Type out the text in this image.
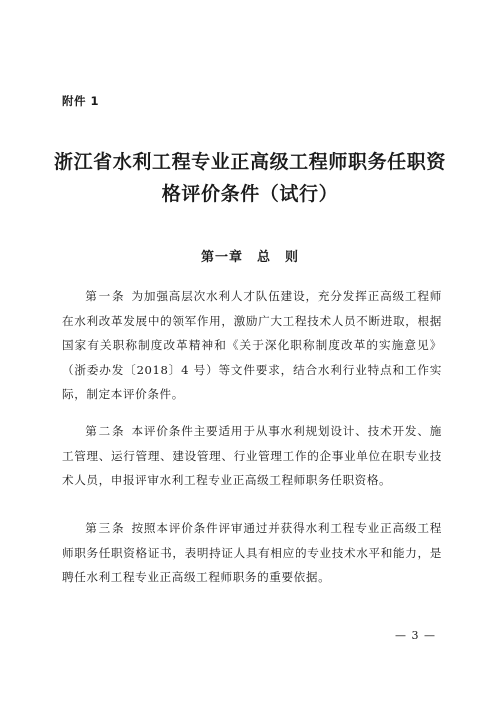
附件 1
浙江省水利工程专业正高级工程师职务任职资
格评价条件（试行）
第一章　总　则

第一条 为加强高层次水利人才队伍建设，充分发挥正高级工程师在水利改革发展中的领军作用，激励广大工程技术人员不断进取，根据国家有关职称制度改革精神和《关于深化职称制度改革的实施意见》（浙委办发〔2018〕4 号）等文件要求，结合水利行业特点和工作实际，制定本评价条件。

第二条 本评价条件主要适用于从事水利规划设计、技术开发、施工管理、运行管理、建设管理、行业管理工作的企事业单位在职专业技术人员，申报评审水利工程专业正高级工程师职务任职资格。

第三条 按照本评价条件评审通过并获得水利工程专业正高级工程师职务任职资格证书，表明持证人具有相应的专业技术水平和能力，是聘任水利工程专业正高级工程师职务的重要依据。

— 3 —
